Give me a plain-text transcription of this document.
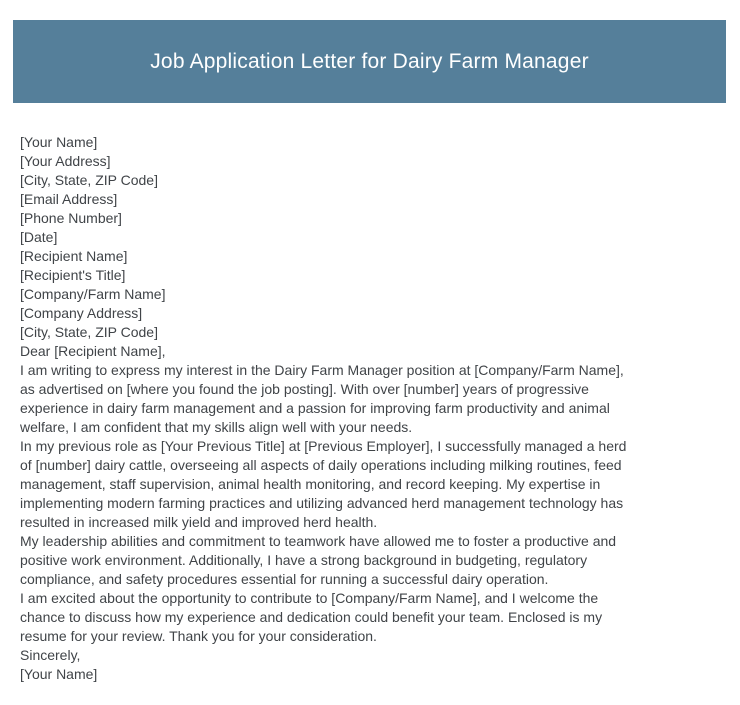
Job Application Letter for Dairy Farm Manager
[Your Name]
[Your Address]
[City, State, ZIP Code]
[Email Address]
[Phone Number]
[Date]
[Recipient Name]
[Recipient's Title]
[Company/Farm Name]
[Company Address]
[City, State, ZIP Code]
Dear [Recipient Name],
I am writing to express my interest in the Dairy Farm Manager position at [Company/Farm Name],
as advertised on [where you found the job posting]. With over [number] years of progressive
experience in dairy farm management and a passion for improving farm productivity and animal
welfare, I am confident that my skills align well with your needs.
In my previous role as [Your Previous Title] at [Previous Employer], I successfully managed a herd
of [number] dairy cattle, overseeing all aspects of daily operations including milking routines, feed
management, staff supervision, animal health monitoring, and record keeping. My expertise in
implementing modern farming practices and utilizing advanced herd management technology has
resulted in increased milk yield and improved herd health.
My leadership abilities and commitment to teamwork have allowed me to foster a productive and
positive work environment. Additionally, I have a strong background in budgeting, regulatory
compliance, and safety procedures essential for running a successful dairy operation.
I am excited about the opportunity to contribute to [Company/Farm Name], and I welcome the
chance to discuss how my experience and dedication could benefit your team. Enclosed is my
resume for your review. Thank you for your consideration.
Sincerely,
[Your Name]
